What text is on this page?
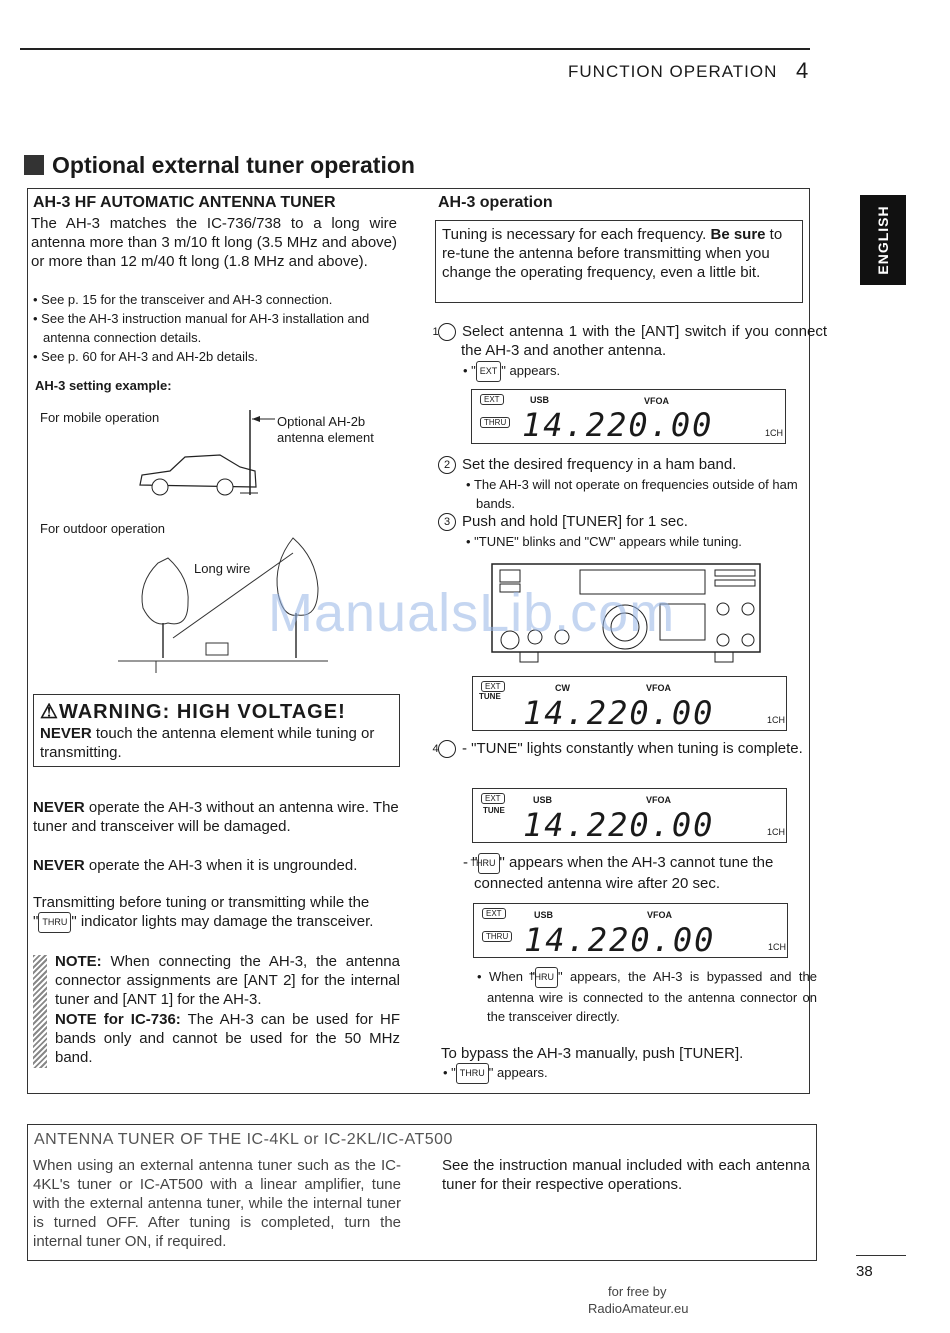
FUNCTION OPERATION 4
ENGLISH
Optional external tuner operation
AH-3 HF AUTOMATIC ANTENNA TUNER
The AH-3 matches the IC-736/738 to a long wire antenna more than 3 m/10 ft long (3.5 MHz and above) or more than 12 m/40 ft long (1.8 MHz and above).
• See p. 15 for the transceiver and AH-3 connection.
• See the AH-3 instruction manual for AH-3 installation and antenna connection details.
• See p. 60 for AH-3 and AH-2b details.
AH-3 setting example:
For mobile operation	Optional AH-2b
antenna element
For outdoor operation
Long wire
⚠WARNING: HIGH VOLTAGE!
NEVER touch the antenna element while tuning or transmitting.
NEVER operate the AH-3 without an antenna wire. The tuner and transceiver will be damaged.
NEVER operate the AH-3 when it is ungrounded.
Transmitting before tuning or transmitting while the
" THRU " indicator lights may damage the transceiver.
NOTE: When connecting the AH-3, the antenna connector assignments are [ANT 2] for the internal tuner and [ANT 1] for the AH-3.
NOTE for IC-736: The AH-3 can be used for HF bands only and cannot be used for the 50 MHz band.
AH-3 operation
Tuning is necessary for each frequency. Be sure to re-tune the antenna before transmitting when you change the operating frequency, even a little bit.
1 Select antenna 1 with the [ANT] switch if you connect the AH-3 and another antenna.
• " EXT " appears.
EXT	USB	VFOA
THRU 14.220.00	1CH
2 Set the desired frequency in a ham band.
• The AH-3 will not operate on frequencies outside of ham bands.
3 Push and hold [TUNER] for 1 sec.
• "TUNE" blinks and "CW" appears while tuning.
EXT
TUNE
CW	VFOA
14.220.00	1CH
4 - "TUNE" lights constantly when tuning is complete.
EXT
TUNE
USB	VFOA
14.220.00	1CH
- "THRU " appears when the AH-3 cannot tune the connected antenna wire after 20 sec.
EXT	USB	VFOA
THRU 14.220.00	1CH
• When "THRU " appears, the AH-3 is bypassed and the antenna wire is connected to the antenna connector on the transceiver directly.
To bypass the AH-3 manually, push [TUNER].
• " THRU " appears.
ManualsLib.com
ANTENNA TUNER OF THE IC-4KL or IC-2KL/IC-AT500
When using an external antenna tuner such as the IC-4KL's tuner or IC-AT500 with a linear amplifier, tune with the external antenna tuner, while the internal tuner is turned OFF. After tuning is completed, turn the internal tuner ON, if required.
See the instruction manual included with each antenna tuner for their respective operations.
38
for free by
RadioAmateur.eu
